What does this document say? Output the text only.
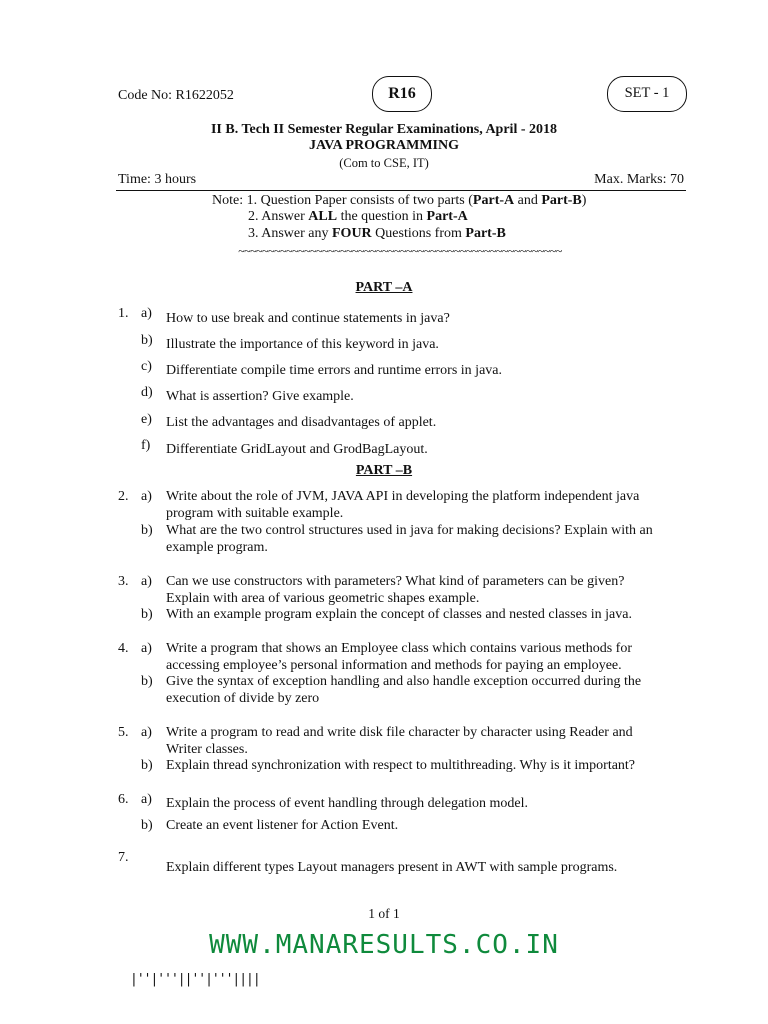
Code No: R1622052	R16	SET - 1
II B. Tech II Semester Regular Examinations, April - 2018
JAVA PROGRAMMING
(Com to CSE, IT)
Time: 3 hours	Max. Marks: 70
Note: 1. Question Paper consists of two parts (Part-A and Part-B)
2. Answer ALL the question in Part-A
3. Answer any FOUR Questions from Part-B
~~~~~~~~~~~~~~~~~~~~~~~~~~~~~~~~~~~~~~~~~~~~~~~~~~~~~~
PART –A
1. a) How to use break and continue statements in java?
b) Illustrate the importance of this keyword in java.
c) Differentiate compile time errors and runtime errors in java.
d) What is assertion? Give example.
e) List the advantages and disadvantages of applet.
f) Differentiate GridLayout and GrodBagLayout.
PART –B
2. a) Write about the role of JVM, JAVA API in developing the platform independent java program with suitable example.
b) What are the two control structures used in java for making decisions? Explain with an example program.
3. a) Can we use constructors with parameters? What kind of parameters can be given? Explain with area of various geometric shapes example.
b) With an example program explain the concept of classes and nested classes in java.
4. a) Write a program that shows an Employee class which contains various methods for accessing employee’s personal information and methods for paying an employee.
b) Give the syntax of exception handling and also handle exception occurred during the execution of divide by zero
5. a) Write a program to read and write disk file character by character using Reader and Writer classes.
b) Explain thread synchronization with respect to multithreading. Why is it important?
6. a) Explain the process of event handling through delegation model.
b) Create an event listener for Action Event.
7.
Explain different types Layout managers present in AWT with sample programs.
1 of 1
WWW.MANARESULTS.CO.IN
|''|'''||''|'''||||
